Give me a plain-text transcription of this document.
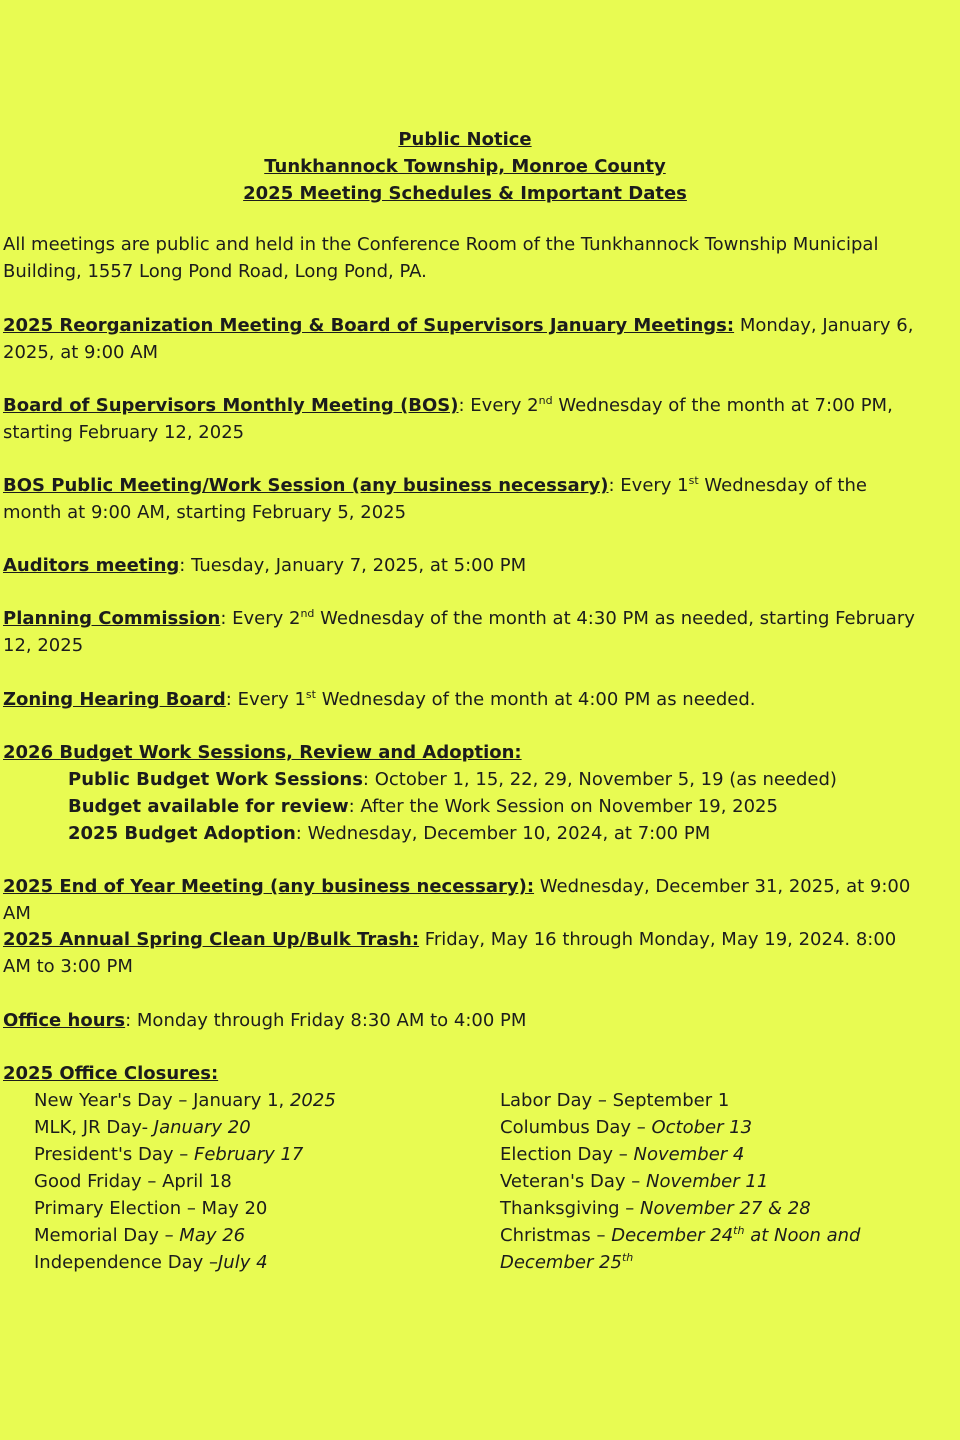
Public Notice
Tunkhannock Township, Monroe County
2025 Meeting Schedules & Important Dates
All meetings are public and held in the Conference Room of the Tunkhannock Township Municipal Building, 1557 Long Pond Road, Long Pond, PA.
2025 Reorganization Meeting & Board of Supervisors January Meetings: Monday, January 6, 2025, at 9:00 AM
Board of Supervisors Monthly Meeting (BOS): Every 2nd Wednesday of the month at 7:00 PM, starting February 12, 2025
BOS Public Meeting/Work Session (any business necessary): Every 1st Wednesday of the month at 9:00 AM, starting February 5, 2025
Auditors meeting: Tuesday, January 7, 2025, at 5:00 PM
Planning Commission: Every 2nd Wednesday of the month at 4:30 PM as needed, starting February 12, 2025
Zoning Hearing Board: Every 1st Wednesday of the month at 4:00 PM as needed.
2026 Budget Work Sessions, Review and Adoption:
Public Budget Work Sessions: October 1, 15, 22, 29, November 5, 19 (as needed)
Budget available for review: After the Work Session on November 19, 2025
2025 Budget Adoption: Wednesday, December 10, 2024, at 7:00 PM
2025 End of Year Meeting (any business necessary): Wednesday, December 31, 2025, at 9:00 AM
2025 Annual Spring Clean Up/Bulk Trash: Friday, May 16 through Monday, May 19, 2024. 8:00 AM to 3:00 PM
Office hours: Monday through Friday 8:30 AM to 4:00 PM
2025 Office Closures:
New Year's Day – January 1, 2025
MLK, JR Day- January 20
President's Day – February 17
Good Friday – April 18
Primary Election – May 20
Memorial Day – May 26
Independence Day –July 4
Labor Day – September 1
Columbus Day – October 13
Election Day – November 4
Veteran's Day – November 11
Thanksgiving – November 27 & 28
Christmas – December 24th at Noon and
December 25th
